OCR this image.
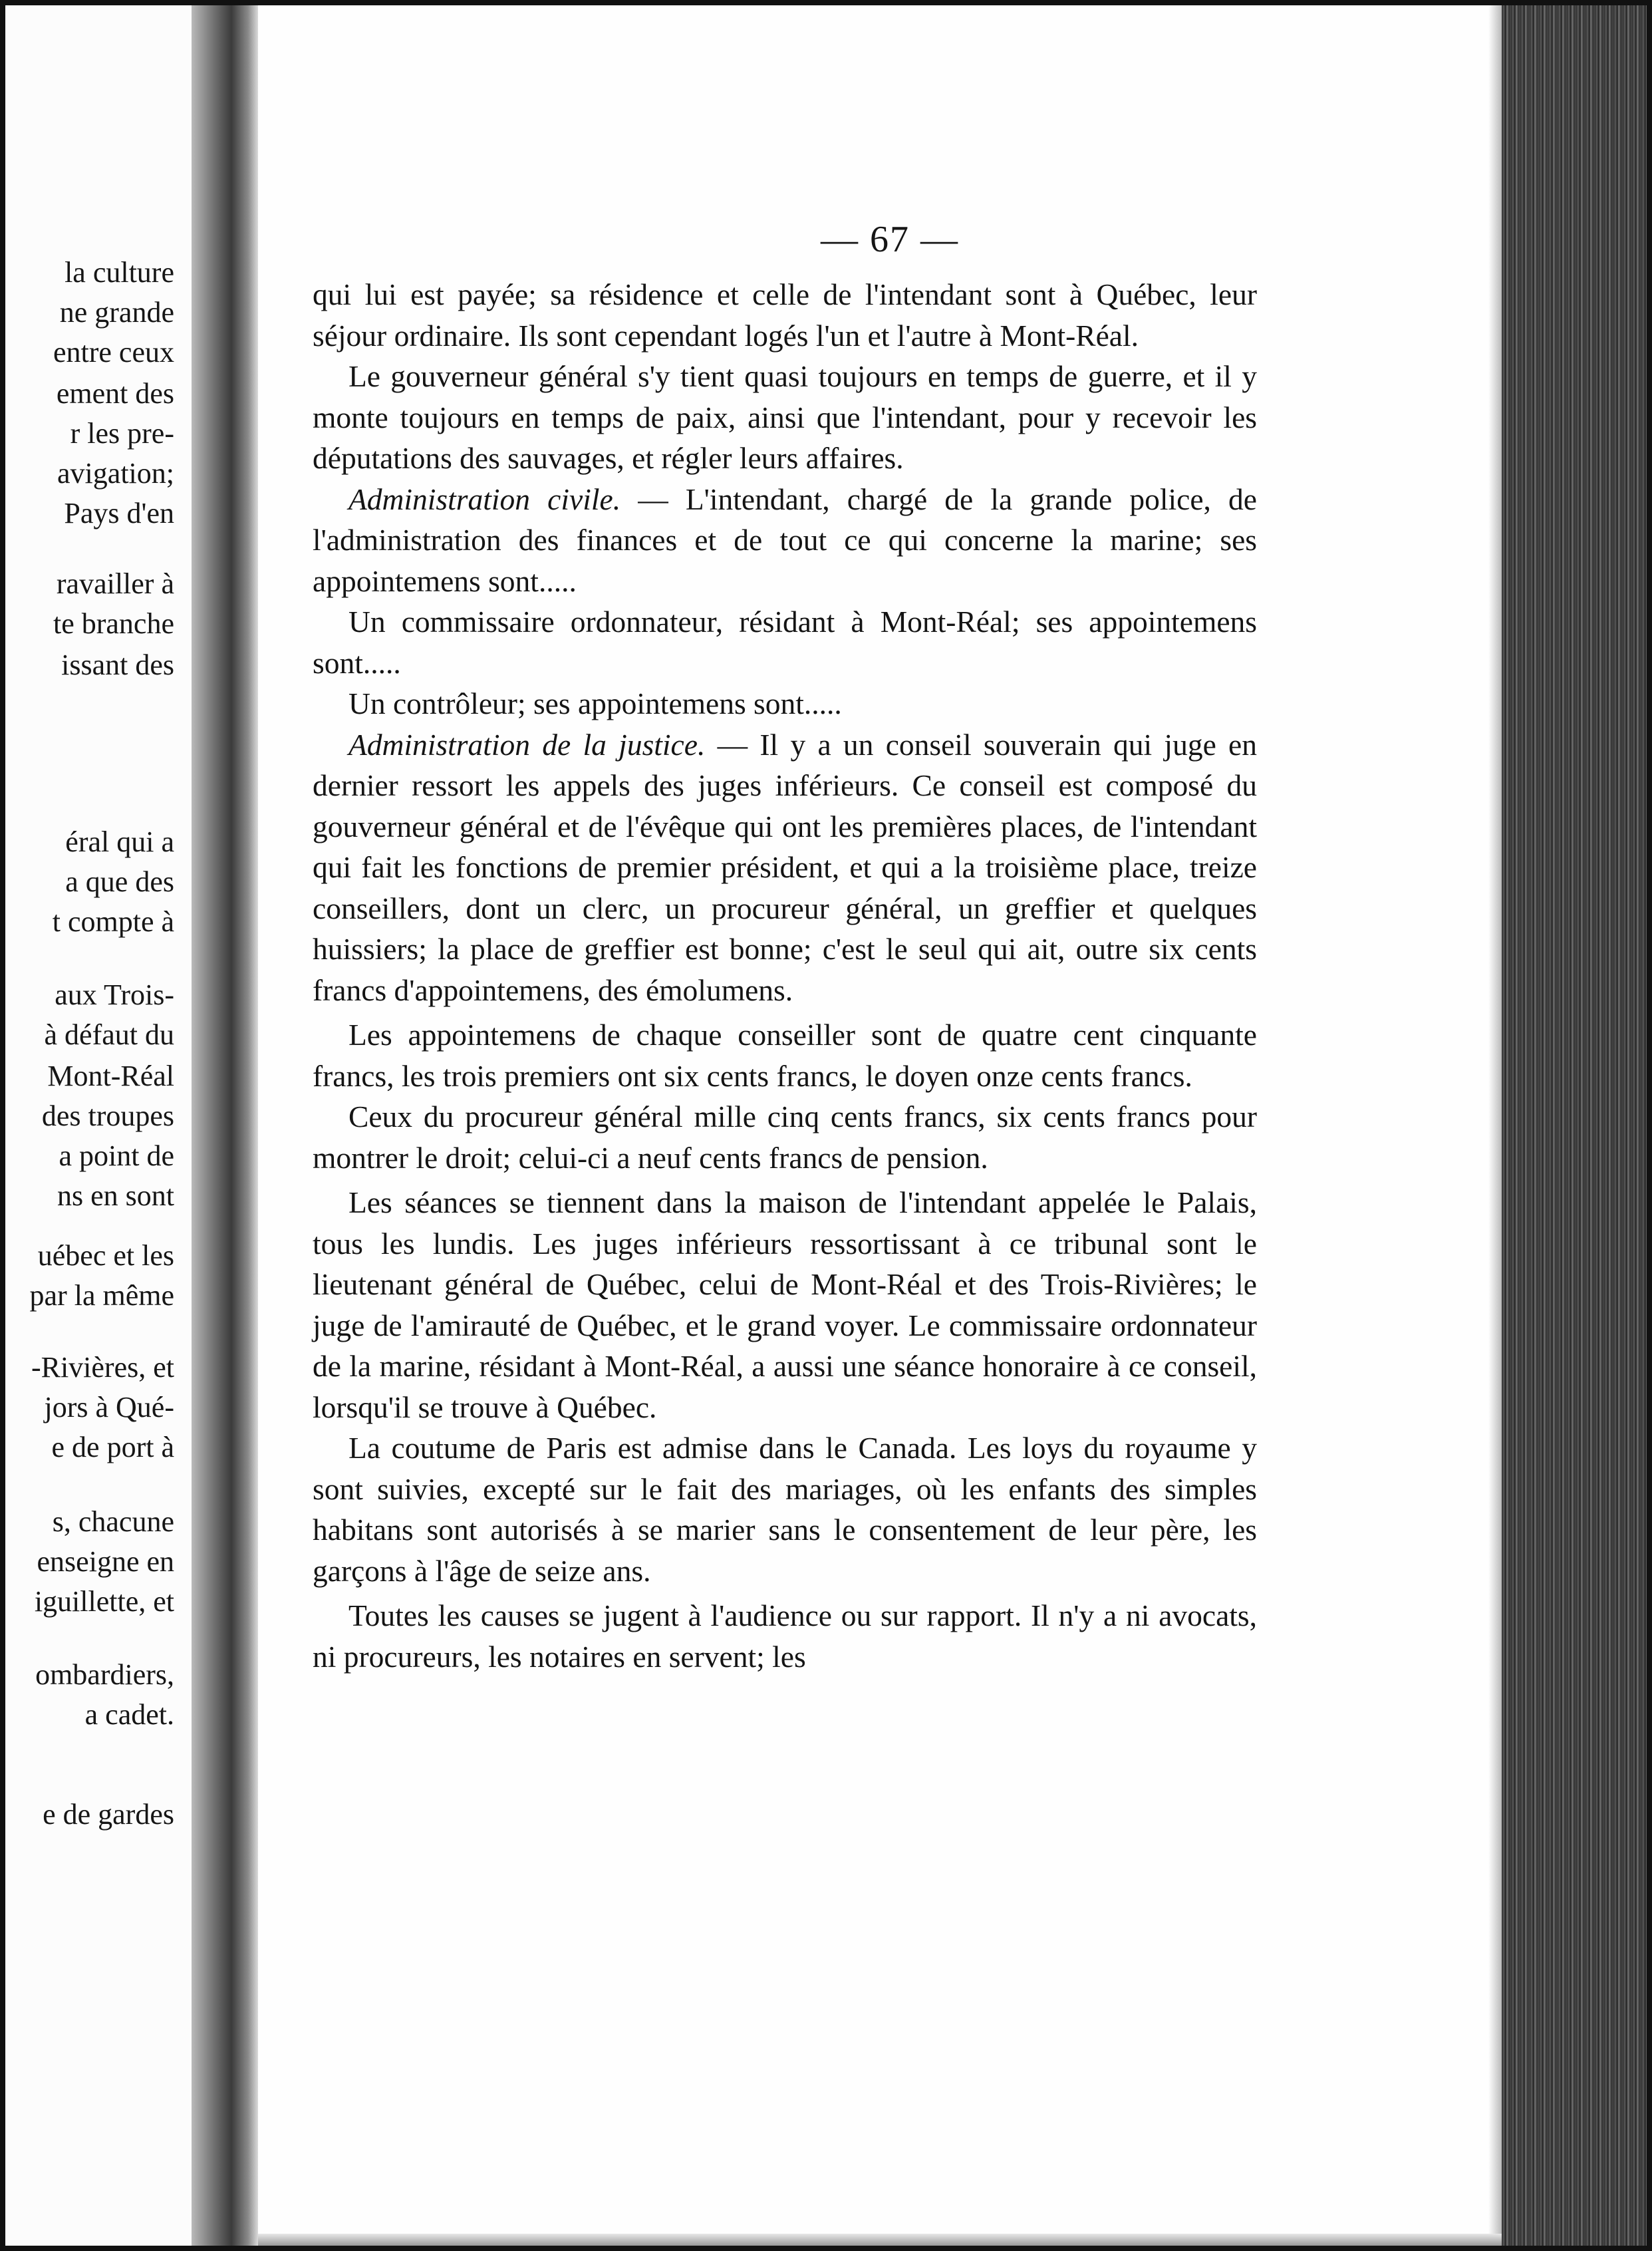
la culture
ne grande
entre ceux
ement des
r les pre-
avigation;
Pays d'en
ravailler à
te branche
issant des
éral qui a
a que des
t compte à
aux Trois-
à défaut du
Mont-Réal
des troupes
a point de
ns en sont
uébec et les
par la même
-Rivières, et
jors à Qué-
e de port à
s, chacune
enseigne en
iguillette, et
ombardiers,
a cadet.
e de gardes
— 67 —

qui lui est payée; sa résidence et celle de l'intendant sont à Québec, leur séjour ordinaire. Ils sont cependant logés l'un et l'autre à Mont-Réal.

Le gouverneur général s'y tient quasi toujours en temps de guerre, et il y monte toujours en temps de paix, ainsi que l'intendant, pour y recevoir les députations des sauvages, et régler leurs affaires.

Administration civile. — L'intendant, chargé de la grande police, de l'administration des finances et de tout ce qui concerne la marine; ses appointemens sont.....

Un commissaire ordonnateur, résidant à Mont-Réal; ses appointemens sont.....

Un contrôleur; ses appointemens sont.....

Administration de la justice. — Il y a un conseil souverain qui juge en dernier ressort les appels des juges inférieurs. Ce conseil est composé du gouverneur général et de l'évêque qui ont les premières places, de l'intendant qui fait les fonctions de premier président, et qui a la troisième place, treize conseillers, dont un clerc, un procureur général, un greffier et quelques huissiers; la place de greffier est bonne; c'est le seul qui ait, outre six cents francs d'appointemens, des émolumens.

Les appointemens de chaque conseiller sont de quatre cent cinquante francs, les trois premiers ont six cents francs, le doyen onze cents francs.

Ceux du procureur général mille cinq cents francs, six cents francs pour montrer le droit; celui-ci a neuf cents francs de pension.

Les séances se tiennent dans la maison de l'intendant appelée le Palais, tous les lundis. Les juges inférieurs ressortissant à ce tribunal sont le lieutenant général de Québec, celui de Mont-Réal et des Trois-Rivières; le juge de l'amirauté de Québec, et le grand voyer. Le commissaire ordonnateur de la marine, résidant à Mont-Réal, a aussi une séance honoraire à ce conseil, lorsqu'il se trouve à Québec.

La coutume de Paris est admise dans le Canada. Les loys du royaume y sont suivies, excepté sur le fait des mariages, où les enfants des simples habitans sont autorisés à se marier sans le consentement de leur père, les garçons à l'âge de seize ans.

Toutes les causes se jugent à l'audience ou sur rapport. Il n'y a ni avocats, ni procureurs, les notaires en servent; les
